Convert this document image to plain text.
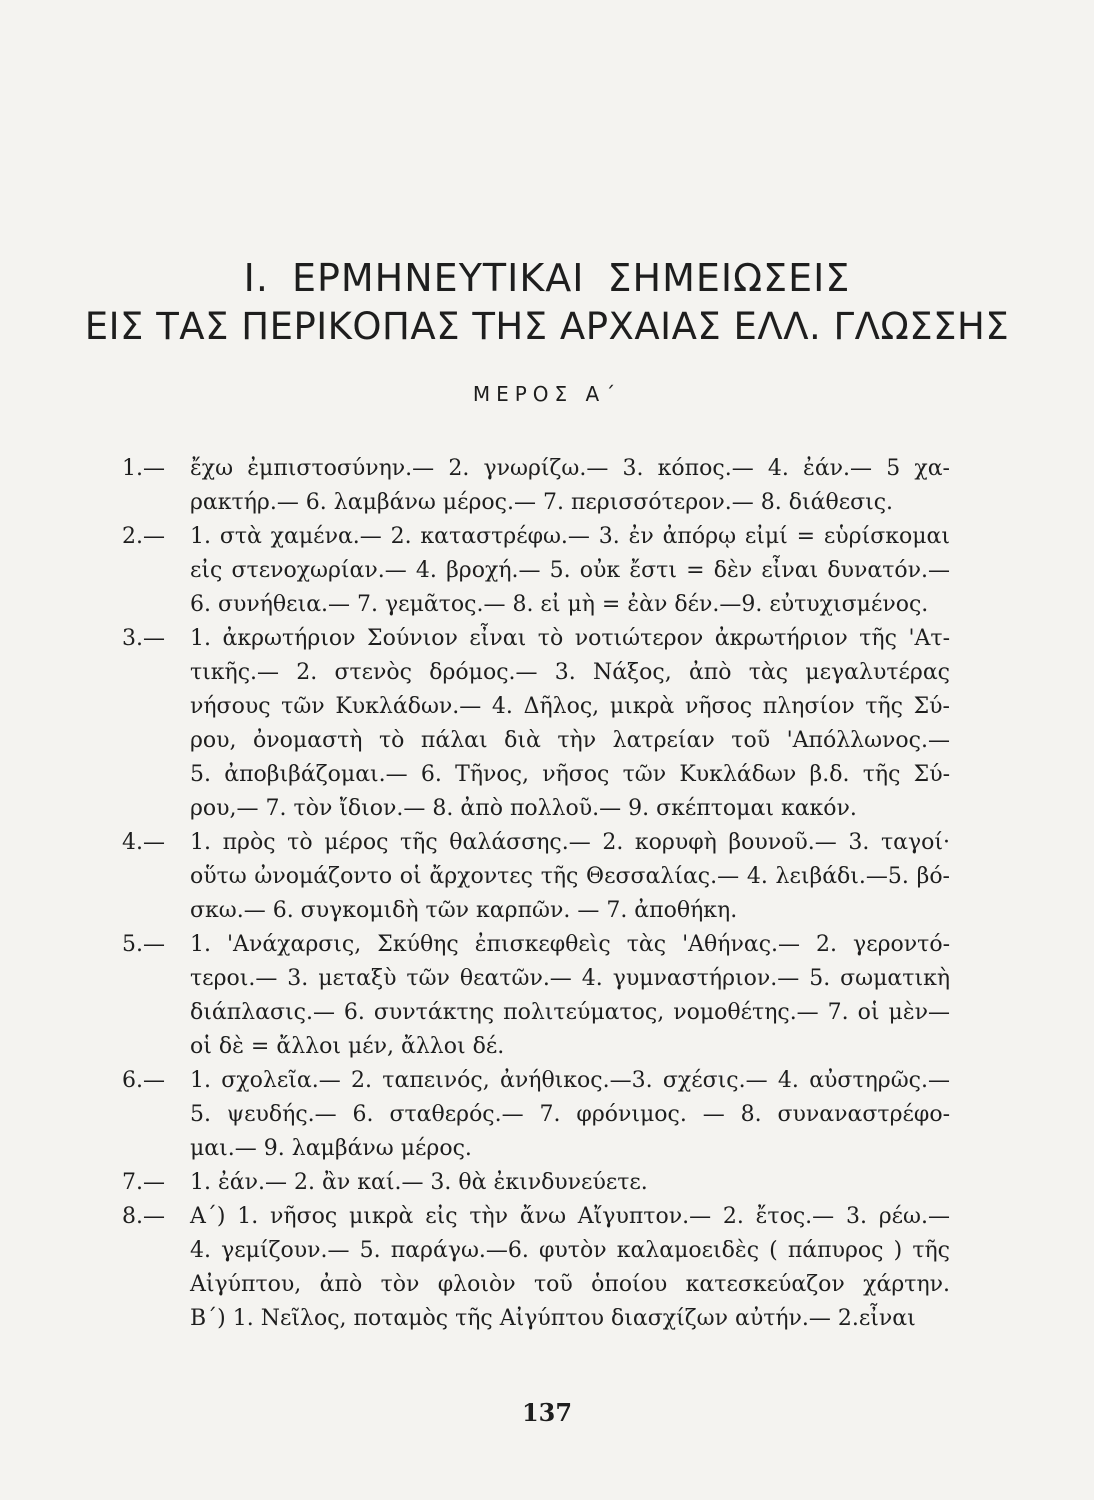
I. ΕΡΜΗΝΕΥΤΙΚΑΙ ΣΗΜΕΙΩΣΕΙΣ
ΕΙΣ ΤΑΣ ΠΕΡΙΚΟΠΑΣ ΤΗΣ ΑΡΧΑΙΑΣ ΕΛΛ. ΓΛΩΣΣΗΣ
ΜΕΡΟΣ Α΄
1.— ἔχω ἐμπιστοσύνην.— 2. γνωρίζω.— 3. κόπος.— 4. ἐάν.— 5 χα-
ρακτήρ.— 6. λαμβάνω μέρος.— 7. περισσότερον.— 8. διάθεσις.
2.— 1. στὰ χαμένα.— 2. καταστρέφω.— 3. ἐν ἀπόρῳ εἰμί = εὑρίσκομαι
εἰς στενοχωρίαν.— 4. βροχή.— 5. οὐκ ἔστι = δὲν εἶναι δυνατόν.—
6. συνήθεια.— 7. γεμᾶτος.— 8. εἰ μὴ = ἐὰν δέν.—9. εὐτυχισμένος.
3.— 1. ἀκρωτήριον Σούνιον εἶναι τὸ νοτιώτερον ἀκρωτήριον τῆς 'Ατ-
τικῆς.— 2. στενὸς δρόμος.— 3. Νάξος, ἀπὸ τὰς μεγαλυτέρας
νήσους τῶν Κυκλάδων.— 4. Δῆλος, μικρὰ νῆσος πλησίον τῆς Σύ-
ρου, ὀνομαστὴ τὸ πάλαι διὰ τὴν λατρείαν τοῦ 'Απόλλωνος.—
5. ἀποβιβάζομαι.— 6. Τῆνος, νῆσος τῶν Κυκλάδων β.δ. τῆς Σύ-
ρου,— 7. τὸν ἴδιον.— 8. ἀπὸ πολλοῦ.— 9. σκέπτομαι κακόν.
4.— 1. πρὸς τὸ μέρος τῆς θαλάσσης.— 2. κορυφὴ βουνοῦ.— 3. ταγοί·
οὕτω ὠνομάζοντο οἱ ἄρχοντες τῆς Θεσσαλίας.— 4. λειβάδι.—5. βό-
σκω.— 6. συγκομιδὴ τῶν καρπῶν. — 7. ἀποθήκη.
5.— 1. 'Ανάχαρσις, Σκύθης ἐπισκεφθεὶς τὰς 'Αθήνας.— 2. γεροντό-
τεροι.— 3. μεταξὺ τῶν θεατῶν.— 4. γυμναστήριον.— 5. σωματικὴ
διάπλασις.— 6. συντάκτης πολιτεύματος, νομοθέτης.— 7. οἱ μὲν—
οἱ δὲ = ἄλλοι μέν, ἄλλοι δέ.
6.— 1. σχολεῖα.— 2. ταπεινός, ἀνήθικος.—3. σχέσις.— 4. αὐστηρῶς.—
5. ψευδής.— 6. σταθερός.— 7. φρόνιμος. — 8. συναναστρέφο-
μαι.— 9. λαμβάνω μέρος.
7.— 1. ἐάν.— 2. ἂν καί.— 3. θὰ ἐκινδυνεύετε.
8.— Α΄) 1. νῆσος μικρὰ εἰς τὴν ἄνω Αἴγυπτον.— 2. ἔτος.— 3. ρέω.—
4. γεμίζουν.— 5. παράγω.—6. φυτὸν καλαμοειδὲς ( πάπυρος ) τῆς
Αἰγύπτου, ἀπὸ τὸν φλοιὸν τοῦ ὁποίου κατεσκεύαζον χάρτην.
Β΄) 1. Νεῖλος, ποταμὸς τῆς Αἰγύπτου διασχίζων αὐτήν.— 2.εἶναι
137
